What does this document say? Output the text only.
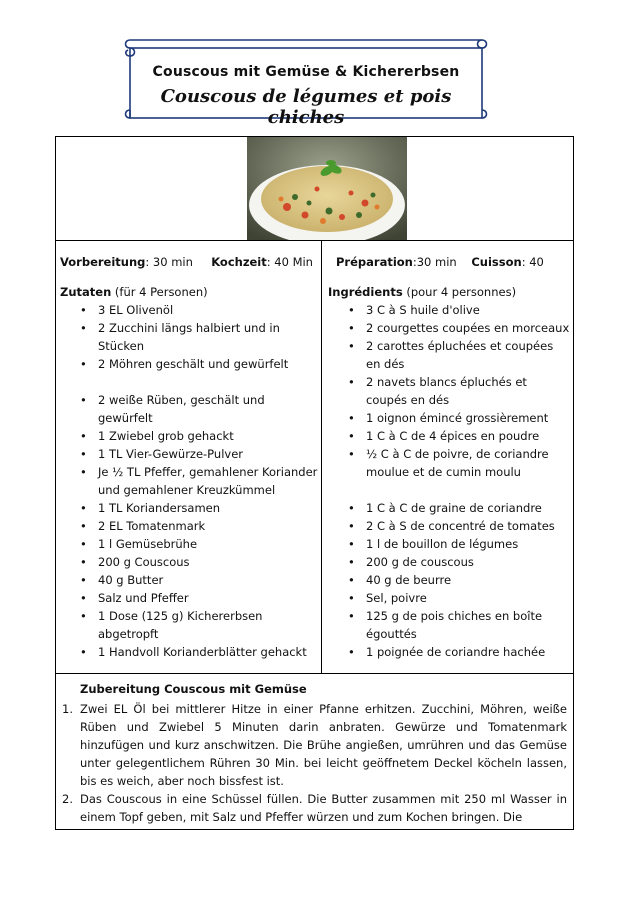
Couscous mit Gemüse & Kichererbsen
Couscous de légumes et pois chiches
Vorbereitung: 30 min Kochzeit: 40 Min
Zutaten (für 4 Personen)
• 3 EL Olivenöl
• 2 Zucchini längs halbiert und in Stücken
• 2 Möhren geschält und gewürfelt
• 2 weiße Rüben, geschält und gewürfelt
• 1 Zwiebel grob gehackt
• 1 TL Vier-Gewürze-Pulver
• Je ½ TL Pfeffer, gemahlener Koriander und gemahlener Kreuzkümmel
• 1 TL Koriandersamen
• 2 EL Tomatenmark
• 1 l Gemüsebrühe
• 200 g Couscous
• 40 g Butter
• Salz und Pfeffer
• 1 Dose (125 g) Kichererbsen abgetropft
• 1 Handvoll Korianderblätter gehackt
Préparation:30 min Cuisson: 40
Ingrédients (pour 4 personnes)
• 3 C à S huile d'olive
• 2 courgettes coupées en morceaux
• 2 carottes épluchées et coupées en dés
• 2 navets blancs épluchés et coupés en dés
• 1 oignon émincé grossièrement
• 1 C à C de 4 épices en poudre
• ½ C à C de poivre, de coriandre moulue et de cumin moulu
• 1 C à C de graine de coriandre
• 2 C à S de concentré de tomates
• 1 l de bouillon de légumes
• 200 g de couscous
• 40 g de beurre
• Sel, poivre
• 125 g de pois chiches en boîte égouttés
• 1 poignée de coriandre hachée
Zubereitung Couscous mit Gemüse
1. Zwei EL Öl bei mittlerer Hitze in einer Pfanne erhitzen. Zucchini, Möhren, weiße Rüben und Zwiebel 5 Minuten darin anbraten. Gewürze und Tomatenmark hinzufügen und kurz anschwitzen. Die Brühe angießen, umrühren und das Gemüse unter gelegentlichem Rühren 30 Min. bei leicht geöffnetem Deckel köcheln lassen, bis es weich, aber noch bissfest ist.
2. Das Couscous in eine Schüssel füllen. Die Butter zusammen mit 250 ml Wasser in einem Topf geben, mit Salz und Pfeffer würzen und zum Kochen bringen. Die
